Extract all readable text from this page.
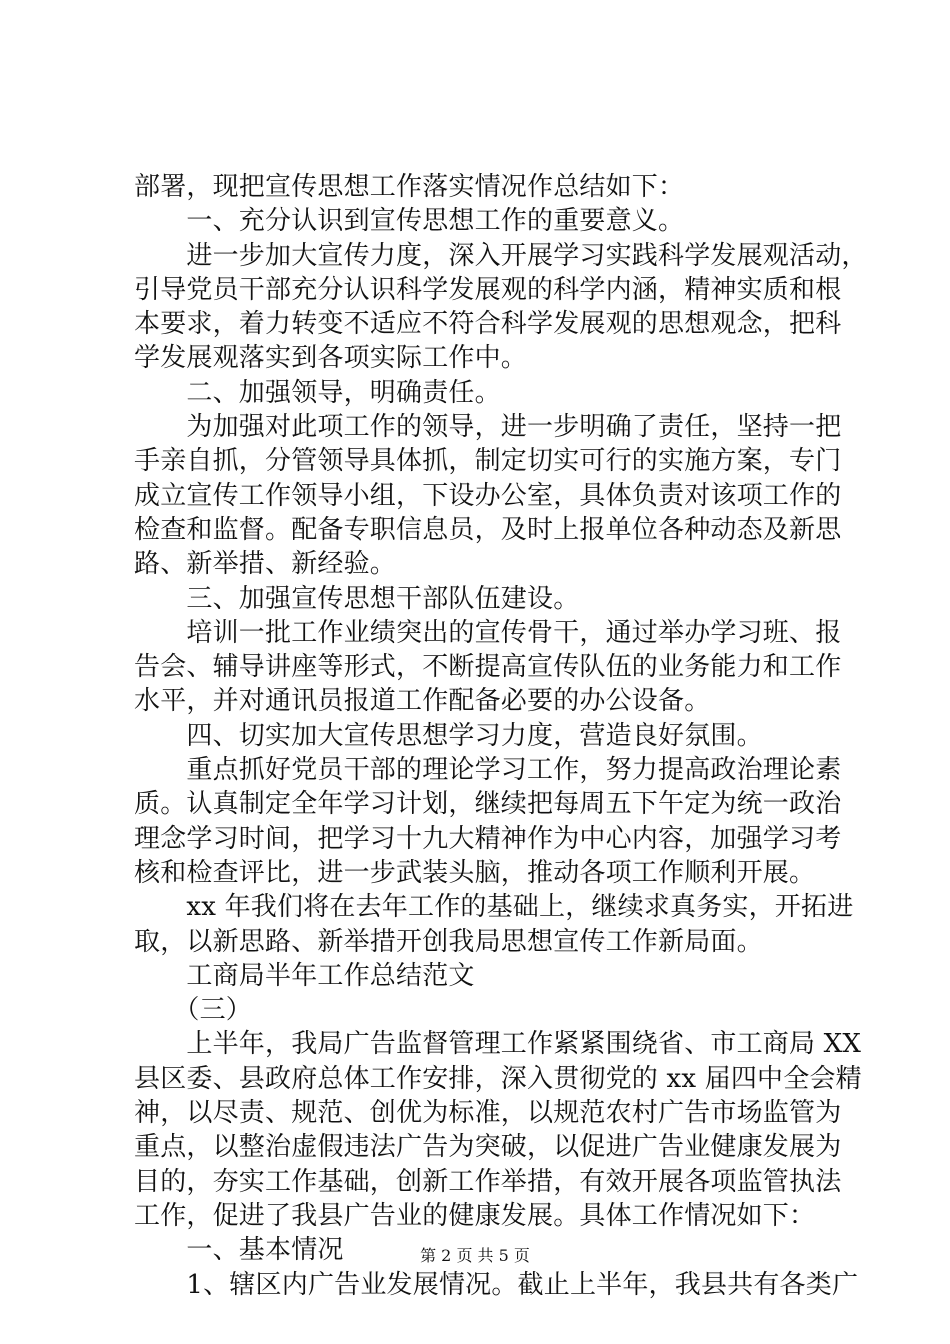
部署，现把宣传思想工作落实情况作总结如下：

　　一、充分认识到宣传思想工作的重要意义。

　　进一步加大宣传力度，深入开展学习实践科学发展观活动，

引导党员干部充分认识科学发展观的科学内涵，精神实质和根

本要求，着力转变不适应不符合科学发展观的思想观念，把科

学发展观落实到各项实际工作中。

　　二、加强领导，明确责任。

　　为加强对此项工作的领导，进一步明确了责任，坚持一把

手亲自抓，分管领导具体抓，制定切实可行的实施方案，专门

成立宣传工作领导小组，下设办公室，具体负责对该项工作的

检查和监督。配备专职信息员，及时上报单位各种动态及新思

路、新举措、新经验。

　　三、加强宣传思想干部队伍建设。

　　培训一批工作业绩突出的宣传骨干，通过举办学习班、报

告会、辅导讲座等形式，不断提高宣传队伍的业务能力和工作

水平，并对通讯员报道工作配备必要的办公设备。

　　四、切实加大宣传思想学习力度，营造良好氛围。

　　重点抓好党员干部的理论学习工作，努力提高政治理论素

质。认真制定全年学习计划，继续把每周五下午定为统一政治

理念学习时间，把学习十九大精神作为中心内容，加强学习考

核和检查评比，进一步武装头脑，推动各项工作顺利开展。

　　xx 年我们将在去年工作的基础上，继续求真务实，开拓进

取，以新思路、新举措开创我局思想宣传工作新局面。

　　工商局半年工作总结范文

　　（三）

　　上半年，我局广告监督管理工作紧紧围绕省、市工商局 XX

县区委、县政府总体工作安排，深入贯彻党的 xx 届四中全会精

神，以尽责、规范、创优为标准，以规范农村广告市场监管为

重点，以整治虚假违法广告为突破，以促进广告业健康发展为

目的，夯实工作基础，创新工作举措，有效开展各项监管执法

工作，促进了我县广告业的健康发展。具体工作情况如下：

　　一、基本情况

　　1、辖区内广告业发展情况。截止上半年，我县共有各类广

第 2 页 共 5 页
